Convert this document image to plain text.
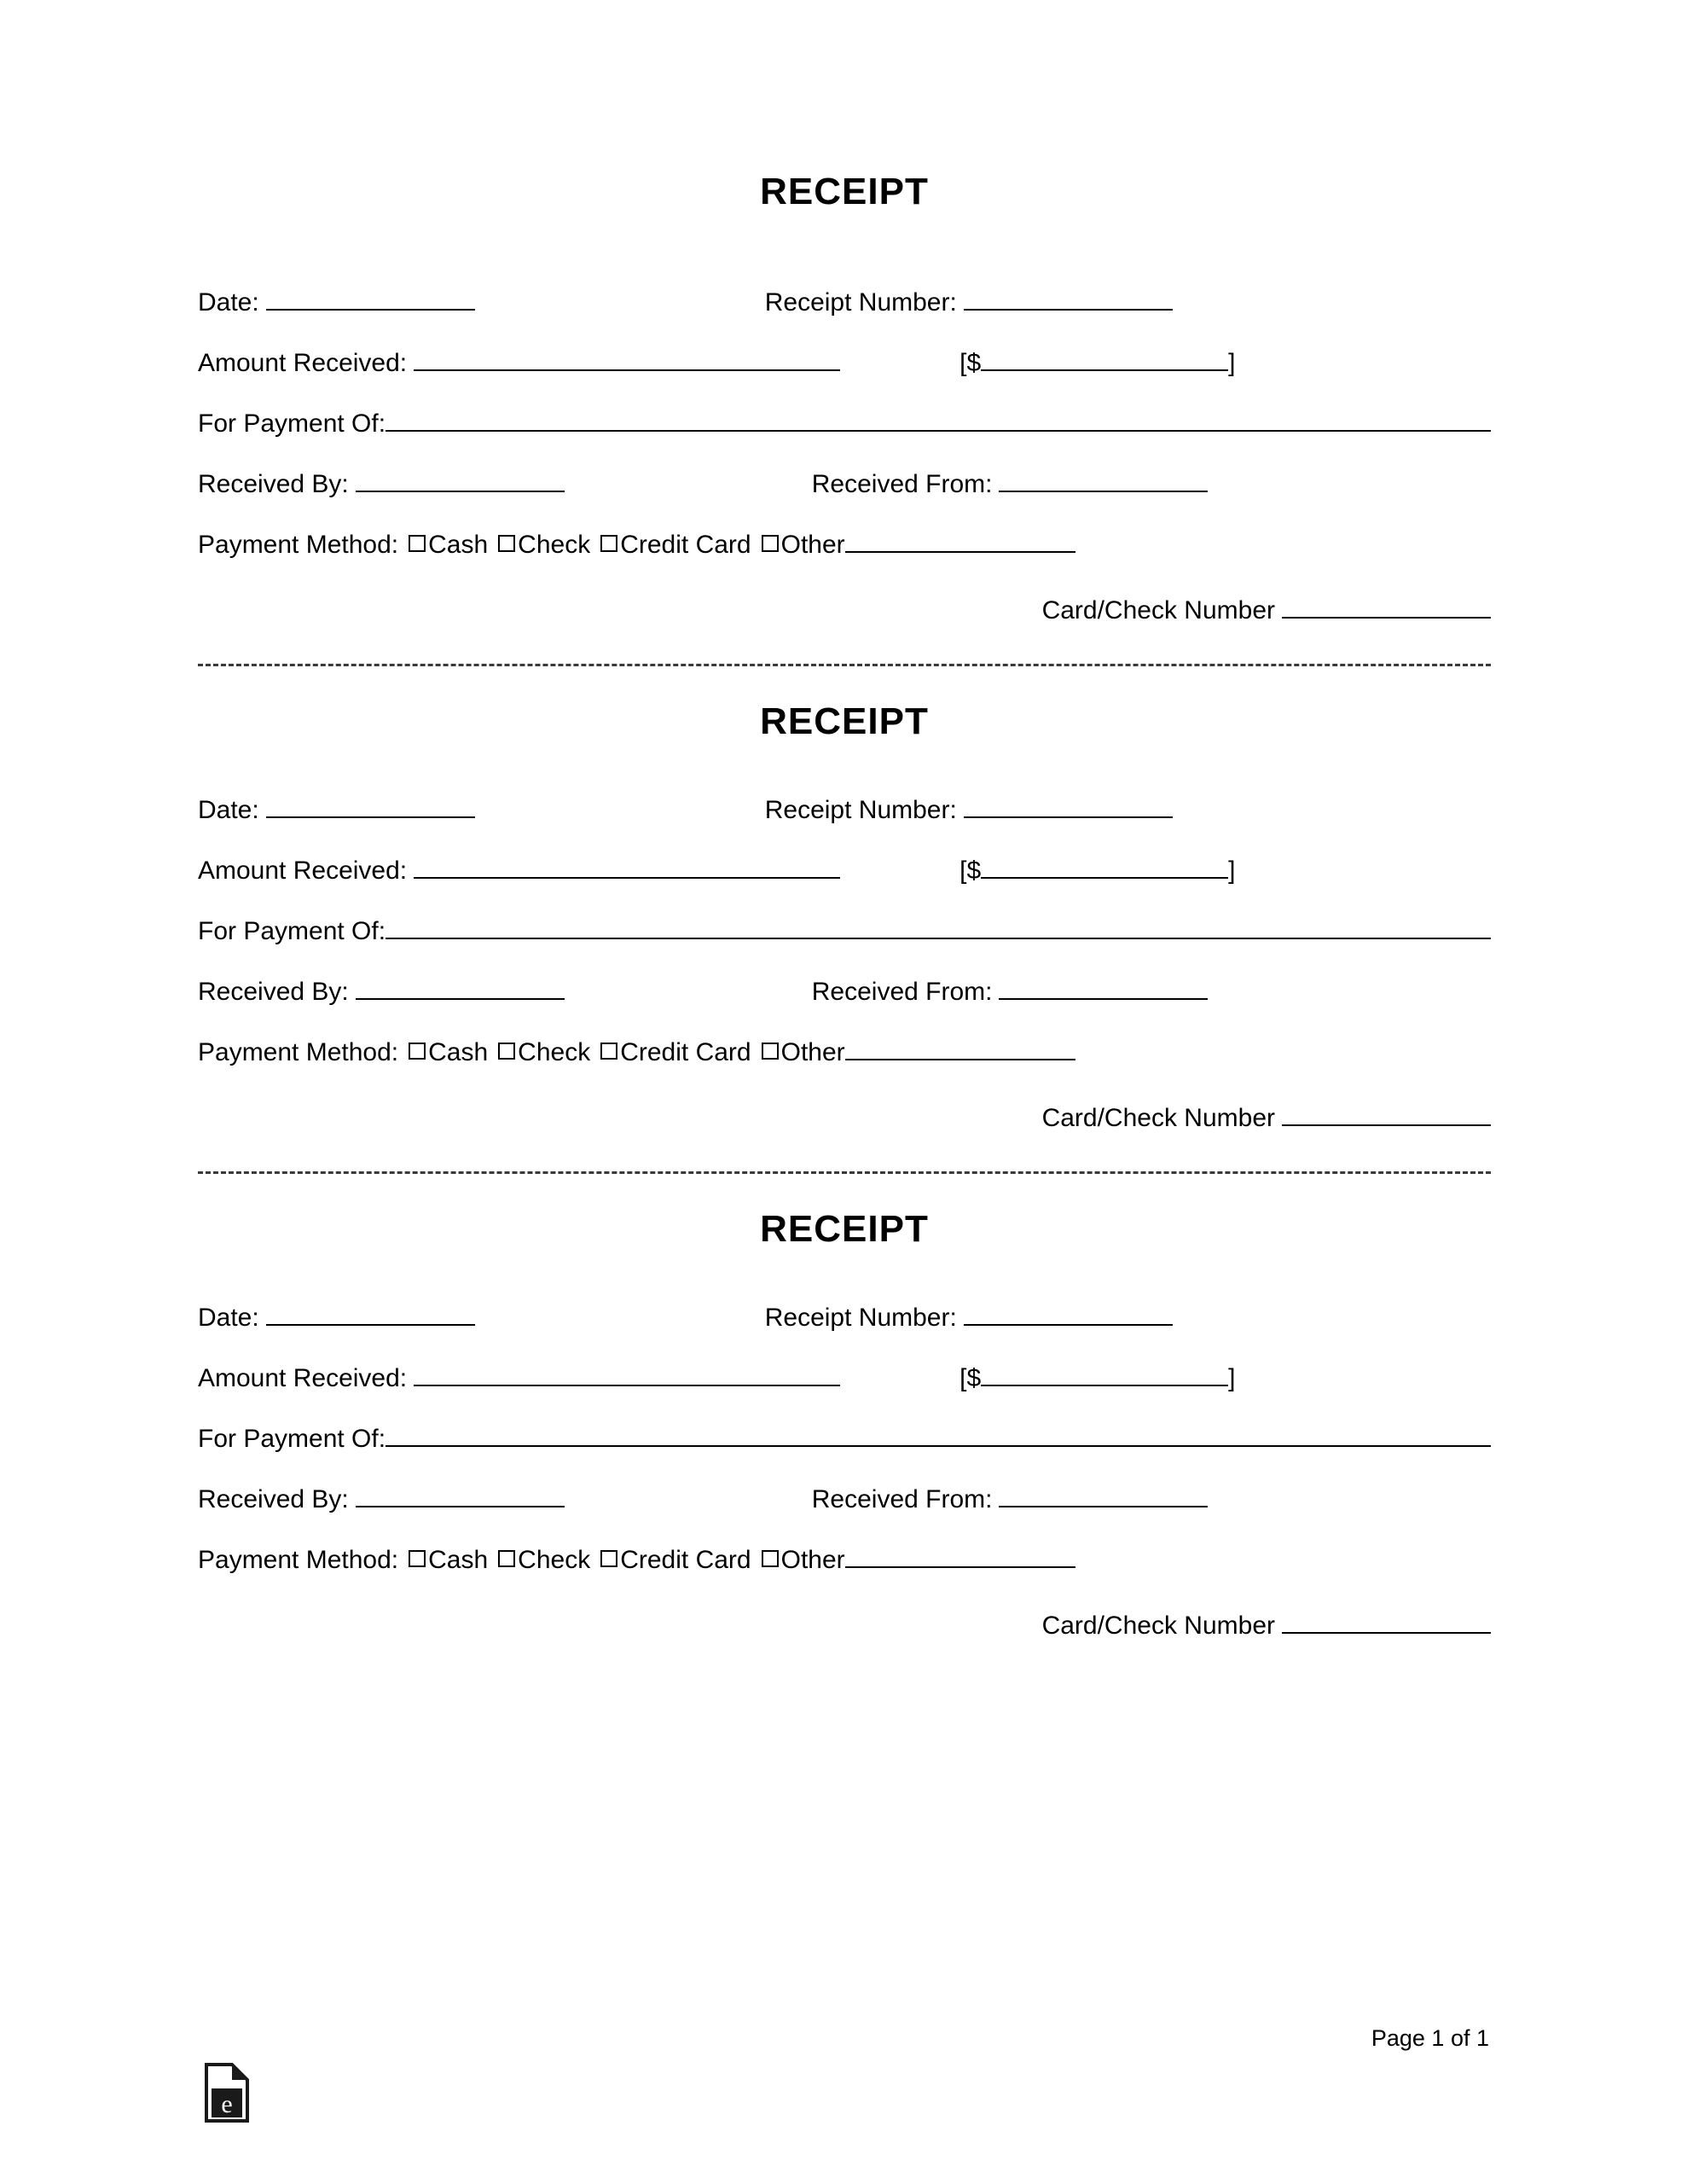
RECEIPT
Date:	Receipt Number:
Amount Received:	[$	]
For Payment Of:
Received By:	Received From:
Payment Method: Cash Check Credit Card Other
Card/Check Number
RECEIPT
Date:	Receipt Number:
Amount Received:	[$	]
For Payment Of:
Received By:	Received From:
Payment Method: Cash Check Credit Card Other
Card/Check Number
RECEIPT
Date:	Receipt Number:
Amount Received:	[$	]
For Payment Of:
Received By:	Received From:
Payment Method: Cash Check Credit Card Other
Card/Check Number
Page 1 of 1
e
